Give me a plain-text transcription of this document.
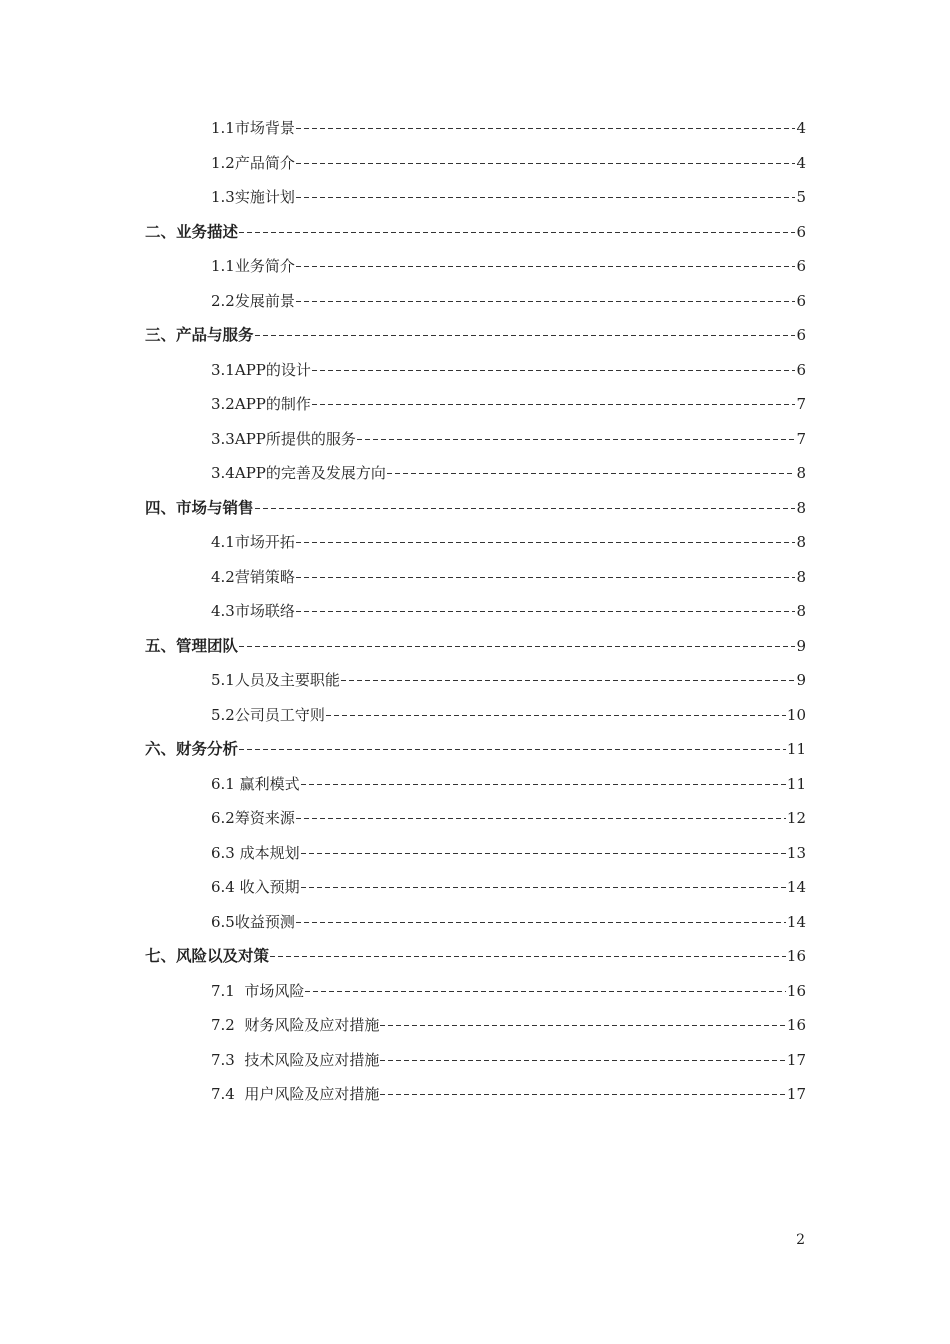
1.1市场背景	4
1.2产品简介	4
1.3实施计划	5
二、业务描述	6
1.1业务简介	6
2.2发展前景	6
三、产品与服务	6
3.1APP的设计	6
3.2APP的制作	7
3.3APP所提供的服务	7
3.4APP的完善及发展方向	8
四、市场与销售	8
4.1市场开拓	8
4.2营销策略	8
4.3市场联络	8
五、管理团队	9
5.1人员及主要职能	9
5.2公司员工守则	10
六、财务分析	11
6.1 赢利模式	11
6.2筹资来源	12
6.3 成本规划	13
6.4 收入预期	14
6.5收益预测	14
七、风险以及对策	16
7.1  市场风险	16
7.2  财务风险及应对措施	16
7.3  技术风险及应对措施	17
7.4  用户风险及应对措施	17
2
